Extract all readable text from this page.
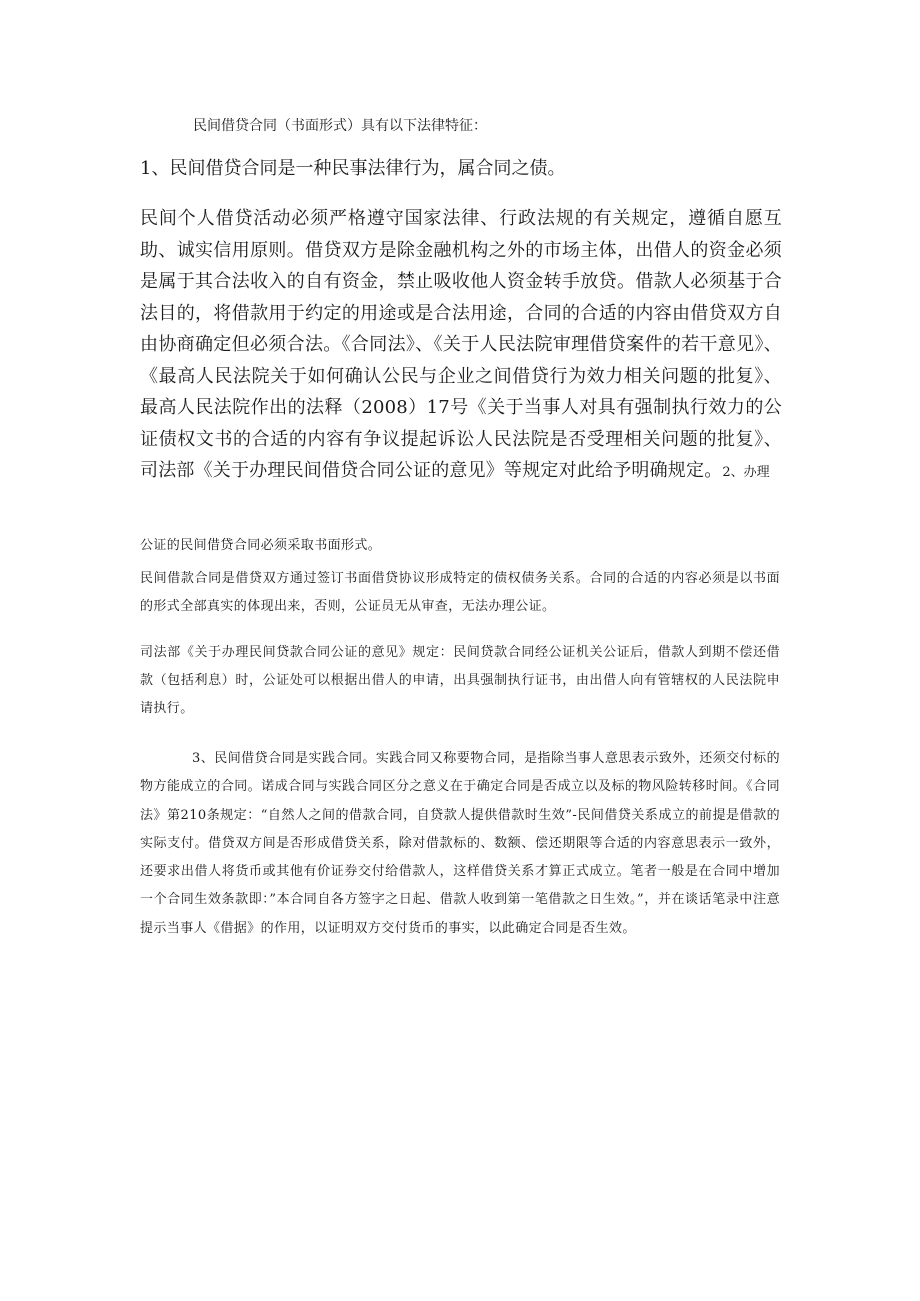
民间借贷合同（书面形式）具有以下法律特征：
1、民间借贷合同是一种民事法律行为，属合同之债。
民间个人借贷活动必须严格遵守国家法律、行政法规的有关规定，遵循自愿互助、诚实信用原则。借贷双方是除金融机构之外的市场主体，出借人的资金必须是属于其合法收入的自有资金，禁止吸收他人资金转手放贷。借款人必须基于合法目的，将借款用于约定的用途或是合法用途，合同的合适的内容由借贷双方自由协商确定但必须合法。《合同法》、《关于人民法院审理借贷案件的若干意见》、《最高人民法院关于如何确认公民与企业之间借贷行为效力相关问题的批复》、最高人民法院作出的法释（2008）17号《关于当事人对具有强制执行效力的公证债权文书的合适的内容有争议提起诉讼人民法院是否受理相关问题的批复》、司法部《关于办理民间借贷合同公证的意见》等规定对此给予明确规定。2、办理
公证的民间借贷合同必须采取书面形式。
民间借款合同是借贷双方通过签订书面借贷协议形成特定的债权债务关系。合同的合适的内容必须是以书面的形式全部真实的体现出来，否则，公证员无从审查，无法办理公证。
司法部《关于办理民间贷款合同公证的意见》规定：民间贷款合同经公证机关公证后，借款人到期不偿还借款（包括利息）时，公证处可以根据出借人的申请，出具强制执行证书，由出借人向有管辖权的人民法院申请执行。
3、民间借贷合同是实践合同。实践合同又称要物合同，是指除当事人意思表示致外，还须交付标的物方能成立的合同。诺成合同与实践合同区分之意义在于确定合同是否成立以及标的物风险转移时间。《合同法》第210条规定：“自然人之间的借款合同，自贷款人提供借款时生效”-民间借贷关系成立的前提是借款的实际支付。借贷双方间是否形成借贷关系，除对借款标的、数额、偿还期限等合适的内容意思表示一致外，还要求出借人将货币或其他有价证券交付给借款人，这样借贷关系才算正式成立。笔者一般是在合同中增加一个合同生效条款即：”本合同自各方签字之日起、借款人收到第一笔借款之日生效。”，并在谈话笔录中注意提示当事人《借据》的作用，以证明双方交付货币的事实，以此确定合同是否生效。
